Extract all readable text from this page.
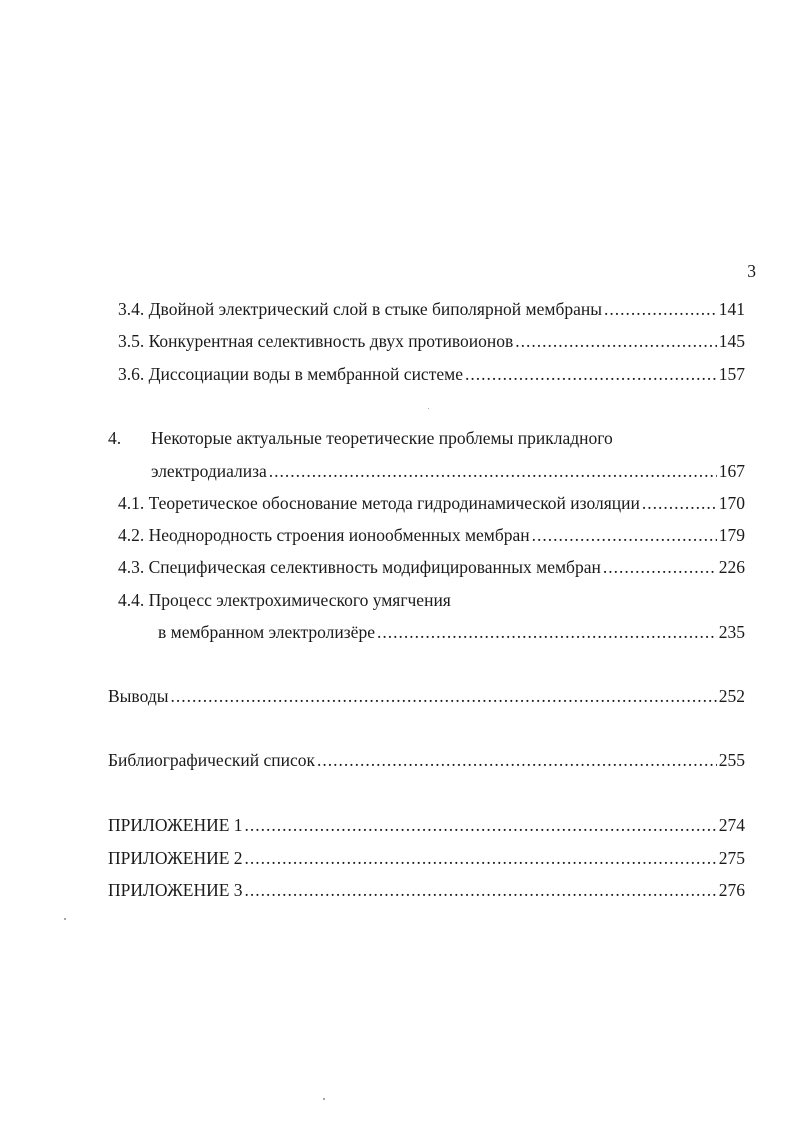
3
3.4. Двойной электрический слой в стыке биполярной мембраны .....	141
3.5. Конкурентная селективность двух противоионов .....	145
3.6. Диссоциации воды в мембранной системе .....	157
4. Некоторые актуальные теоретические проблемы прикладного
электродиализа .....	167
4.1. Теоретическое обоснование метода гидродинамической изоляции .....	170
4.2. Неоднородность строения ионообменных мембран .....	179
4.3. Специфическая селективность модифицированных мембран .....	226
4.4. Процесс электрохимического умягчения
в мембранном электролизёре .....	235
Выводы .....	252
Библиографический список .....	255
ПРИЛОЖЕНИЕ 1 .....	274
ПРИЛОЖЕНИЕ 2 .....	275
ПРИЛОЖЕНИЕ 3 .....	276
